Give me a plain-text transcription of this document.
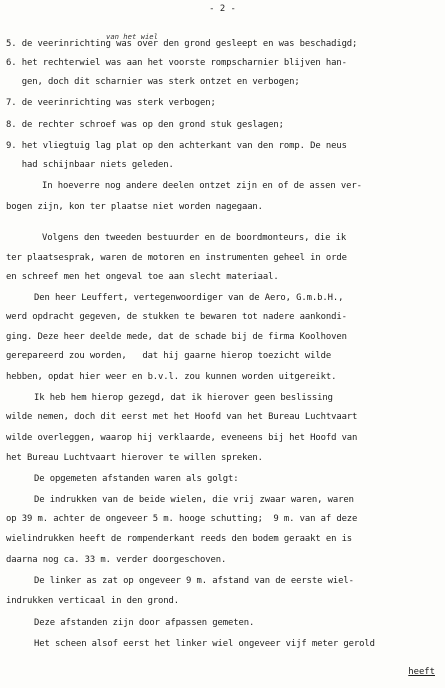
- 2 -
van het wiel
5. de veerinrichting was over den grond gesleept en was beschadigd;
6. het rechterwiel was aan het voorste rompscharnier blijven han-
gen, doch dit scharnier was sterk ontzet en verbogen;
7. de veerinrichting was sterk verbogen;
8. de rechter schroef was op den grond stuk geslagen;
9. het vliegtuig lag plat op den achterkant van den romp. De neus
had schijnbaar niets geleden.
In hoeverre nog andere deelen ontzet zijn en of de assen ver-
bogen zijn, kon ter plaatse niet worden nagegaan.
Volgens den tweeden bestuurder en de boordmonteurs, die ik
ter plaatsesprak, waren de motoren en instrumenten geheel in orde
en schreef men het ongeval toe aan slecht materiaal.
Den heer Leuffert, vertegenwoordiger van de Aero, G.m.b.H.,
werd opdracht gegeven, de stukken te bewaren tot nadere aankondi-
ging. Deze heer deelde mede, dat de schade bij de firma Koolhoven
gerepareerd zou worden,   dat hij gaarne hierop toezicht wilde
hebben, opdat hier weer en b.v.l. zou kunnen worden uitgereikt.
Ik heb hem hierop gezegd, dat ik hierover geen beslissing
wilde nemen, doch dit eerst met het Hoofd van het Bureau Luchtvaart
wilde overleggen, waarop hij verklaarde, eveneens bij het Hoofd van
het Bureau Luchtvaart hierover te willen spreken.
De opgemeten afstanden waren als golgt:
De indrukken van de beide wielen, die vrij zwaar waren, waren
op 39 m. achter de ongeveer 5 m. hooge schutting;  9 m. van af deze
wielindrukken heeft de rompenderkant reeds den bodem geraakt en is
daarna nog ca. 33 m. verder doorgeschoven.
De linker as zat op ongeveer 9 m. afstand van de eerste wiel-
indrukken verticaal in den grond.
Deze afstanden zijn door afpassen gemeten.
Het scheen alsof eerst het linker wiel ongeveer vijf meter gerold
heeft
